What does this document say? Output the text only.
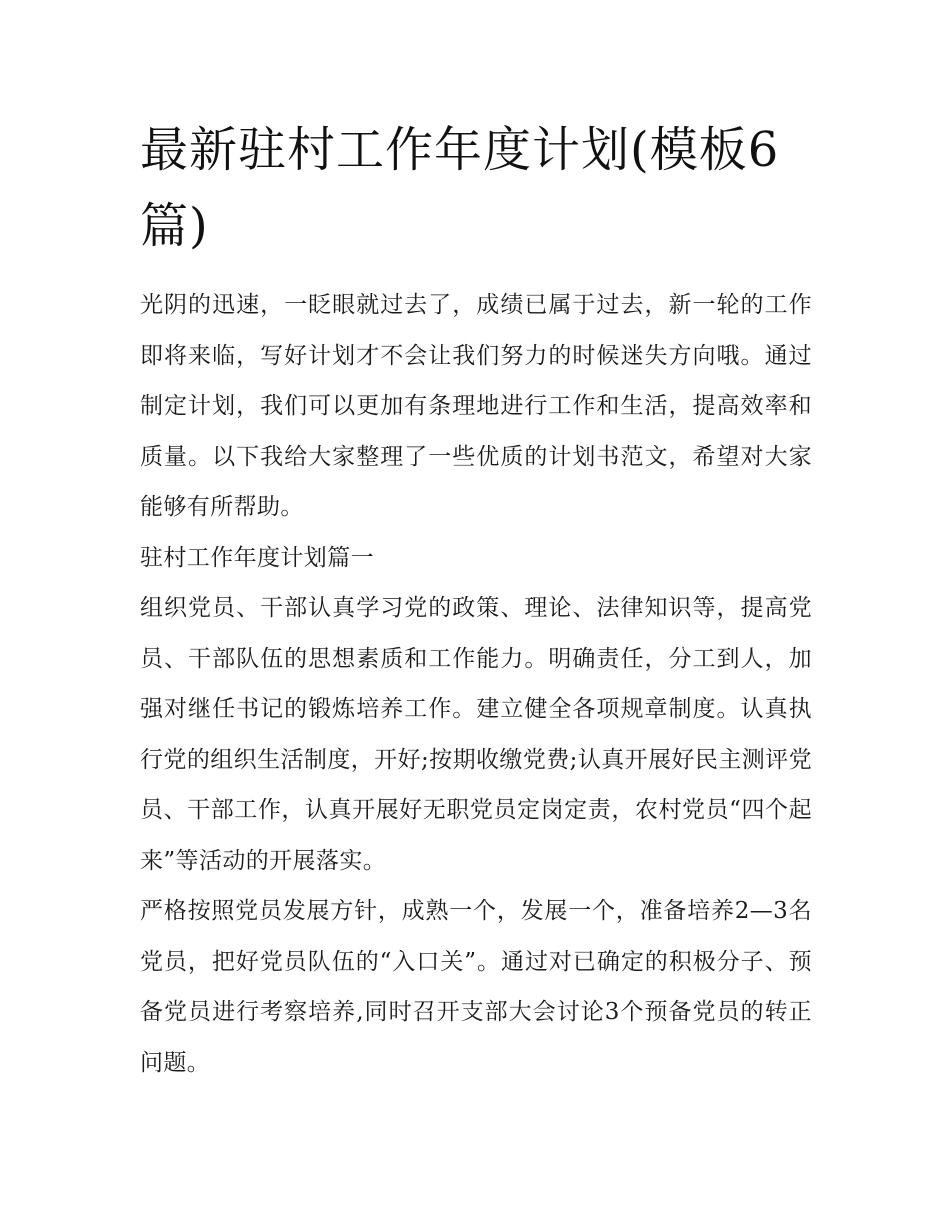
最新驻村工作年度计划(模板6篇)

光阴的迅速，一眨眼就过去了，成绩已属于过去，新一轮的工作即将来临，写好计划才不会让我们努力的时候迷失方向哦。通过制定计划，我们可以更加有条理地进行工作和生活，提高效率和质量。以下我给大家整理了一些优质的计划书范文，希望对大家能够有所帮助。

驻村工作年度计划篇一

组织党员、干部认真学习党的政策、理论、法律知识等，提高党员、干部队伍的思想素质和工作能力。明确责任，分工到人，加强对继任书记的锻炼培养工作。建立健全各项规章制度。认真执行党的组织生活制度，开好;按期收缴党费;认真开展好民主测评党员、干部工作，认真开展好无职党员定岗定责，农村党员“四个起来”等活动的开展落实。

严格按照党员发展方针，成熟一个，发展一个，准备培养2—3名党员，把好党员队伍的“入口关”。通过对已确定的积极分子、预备党员进行考察培养,同时召开支部大会讨论3个预备党员的转正问题。
